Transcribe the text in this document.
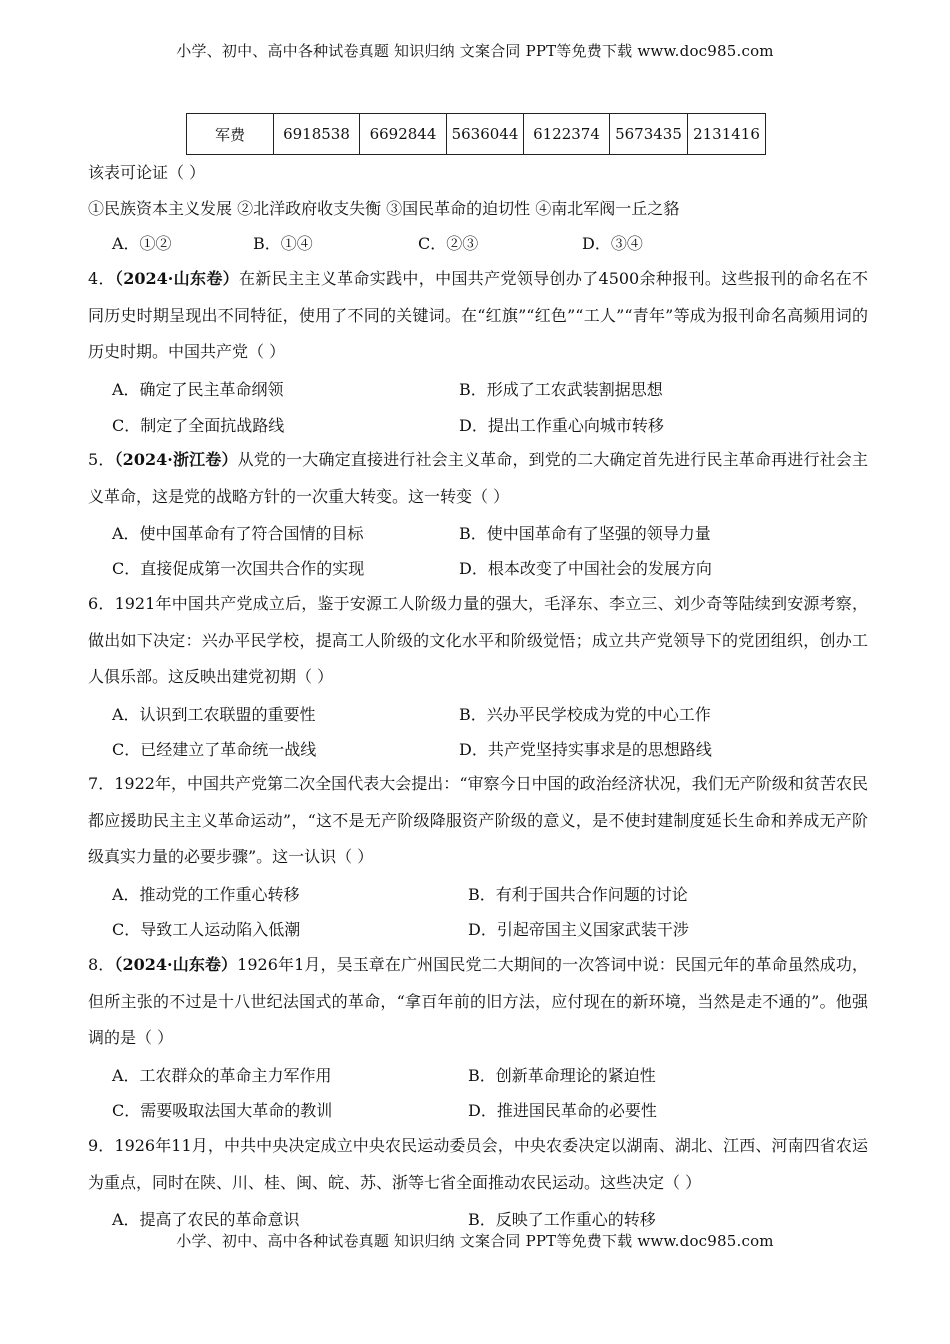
小学、初中、高中各种试卷真题 知识归纳 文案合同 PPT等免费下载 www.doc985.com
军费	6918538	6692844	5636044	6122374	5673435	2131416
该表可论证（ ）
①民族资本主义发展 ②北洋政府收支失衡 ③国民革命的迫切性 ④南北军阀一丘之貉
A．①②	B．①④	C．②③	D．③④
4．（2024·山东卷）在新民主主义革命实践中，中国共产党领导创办了4500余种报刊。这些报刊的命名在不同历史时期呈现出不同特征，使用了不同的关键词。在“红旗”“红色”“工人”“青年”等成为报刊命名高频用词的历史时期。中国共产党（ ）
A．确定了民主革命纲领	B．形成了工农武装割据思想
C．制定了全面抗战路线	D．提出工作重心向城市转移
5．（2024·浙江卷）从党的一大确定直接进行社会主义革命，到党的二大确定首先进行民主革命再进行社会主义革命，这是党的战略方针的一次重大转变。这一转变（ ）
A．使中国革命有了符合国情的目标	B．使中国革命有了坚强的领导力量
C．直接促成第一次国共合作的实现	D．根本改变了中国社会的发展方向
6．1921年中国共产党成立后，鉴于安源工人阶级力量的强大，毛泽东、李立三、刘少奇等陆续到安源考察，做出如下决定：兴办平民学校，提高工人阶级的文化水平和阶级觉悟；成立共产党领导下的党团组织，创办工人俱乐部。这反映出建党初期（ ）
A．认识到工农联盟的重要性	B．兴办平民学校成为党的中心工作
C．已经建立了革命统一战线	D．共产党坚持实事求是的思想路线
7．1922年，中国共产党第二次全国代表大会提出：“审察今日中国的政治经济状况，我们无产阶级和贫苦农民都应援助民主主义革命运动”，“这不是无产阶级降服资产阶级的意义，是不使封建制度延长生命和养成无产阶级真实力量的必要步骤”。这一认识（ ）
A．推动党的工作重心转移	B．有利于国共合作问题的讨论
C．导致工人运动陷入低潮	D．引起帝国主义国家武装干涉
8．（2024·山东卷）1926年1月，吴玉章在广州国民党二大期间的一次答词中说：民国元年的革命虽然成功，但所主张的不过是十八世纪法国式的革命，“拿百年前的旧方法，应付现在的新环境，当然是走不通的”。他强调的是（ ）
A．工农群众的革命主力军作用	B．创新革命理论的紧迫性
C．需要吸取法国大革命的教训	D．推进国民革命的必要性
9．1926年11月，中共中央决定成立中央农民运动委员会，中央农委决定以湖南、湖北、江西、河南四省农运为重点，同时在陕、川、桂、闽、皖、苏、浙等七省全面推动农民运动。这些决定（ ）
A．提高了农民的革命意识	B．反映了工作重心的转移
小学、初中、高中各种试卷真题 知识归纳 文案合同 PPT等免费下载 www.doc985.com
